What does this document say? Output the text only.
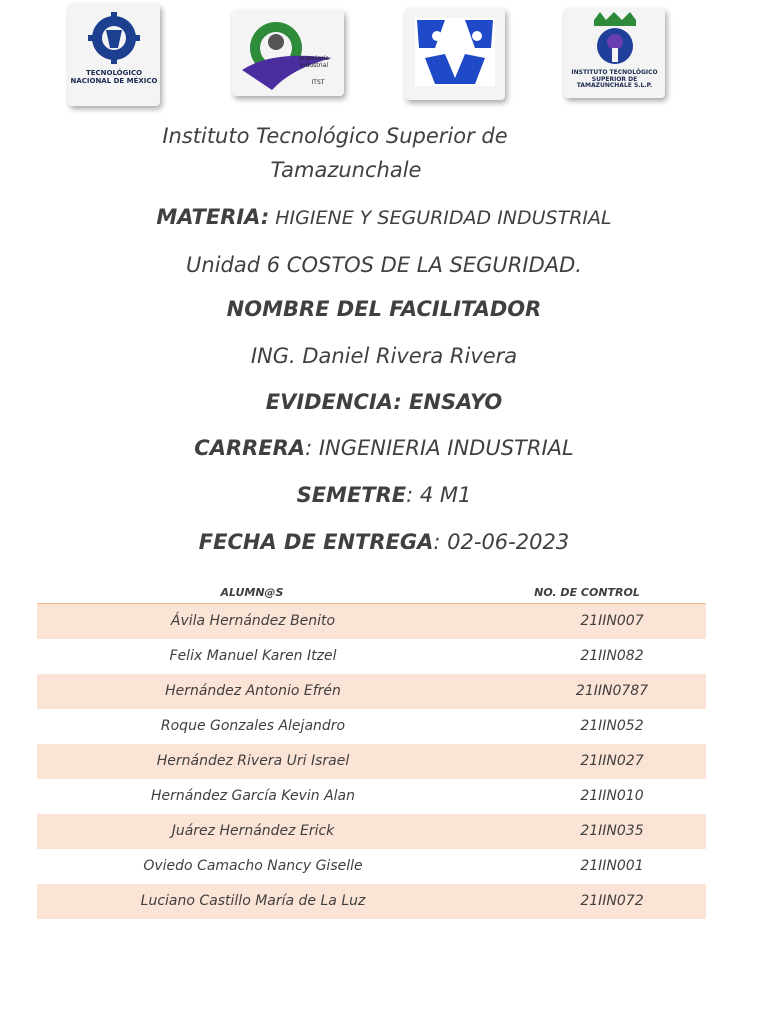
TECNOLÓGICO NACIONAL DE MÉXICO
Ingeniería Industrial
ITST
INSTITUTO TECNOLÓGICO SUPERIOR DE TAMAZUNCHALE S.L.P.
Instituto Tecnológico Superior de
Tamazunchale
MATERIA: HIGIENE Y SEGURIDAD INDUSTRIAL
Unidad 6 COSTOS DE LA SEGURIDAD.
NOMBRE DEL FACILITADOR
ING. Daniel Rivera Rivera
EVIDENCIA: ENSAYO
CARRERA: INGENIERIA INDUSTRIAL
SEMETRE: 4 M1
FECHA DE ENTREGA: 02-06-2023
ALUMN@S	NO. DE CONTROL
Ávila Hernández Benito	21IIN007
Felix Manuel Karen Itzel	21IIN082
Hernández Antonio Efrén	21IIN0787
Roque Gonzales Alejandro	21IIN052
Hernández Rivera Uri Israel	21IIN027
Hernández García Kevin Alan	21IIN010
Juárez Hernández Erick	21IIN035
Oviedo Camacho Nancy Giselle	21IIN001
Luciano Castillo María de La Luz	21IIN072
